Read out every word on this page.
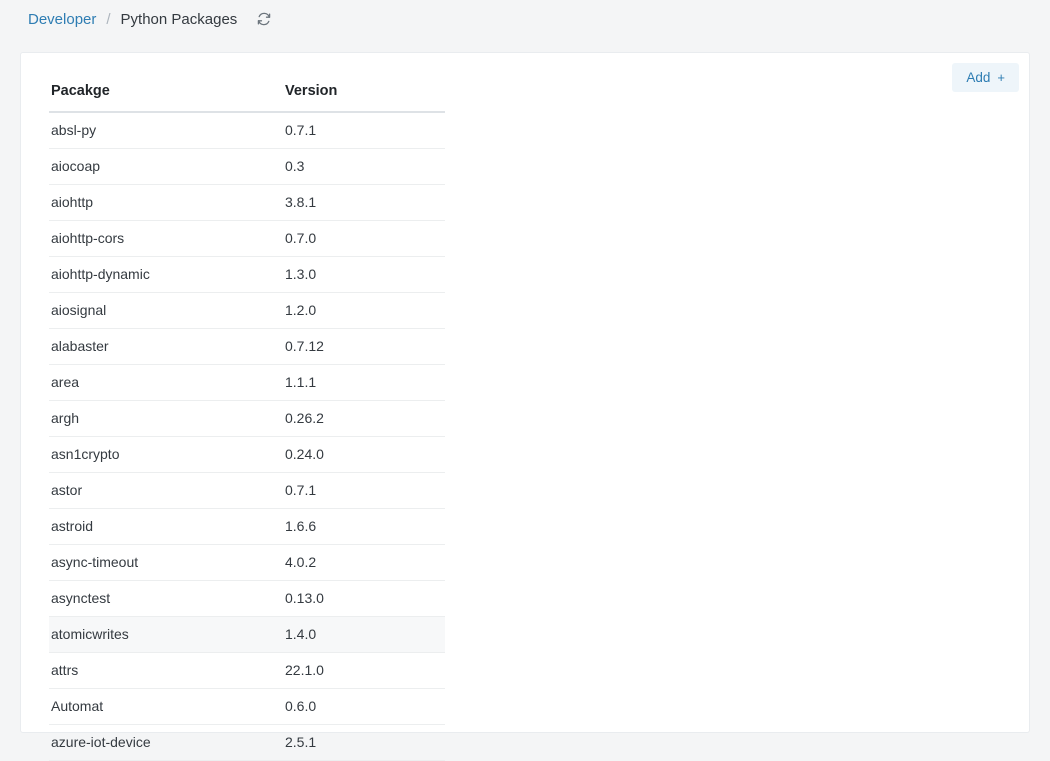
Developer / Python Packages
Add +
Pacakge	Version
absl-py	0.7.1
aiocoap	0.3
aiohttp	3.8.1
aiohttp-cors	0.7.0
aiohttp-dynamic	1.3.0
aiosignal	1.2.0
alabaster	0.7.12
area	1.1.1
argh	0.26.2
asn1crypto	0.24.0
astor	0.7.1
astroid	1.6.6
async-timeout	4.0.2
asynctest	0.13.0
atomicwrites	1.4.0
attrs	22.1.0
Automat	0.6.0
azure-iot-device	2.5.1
